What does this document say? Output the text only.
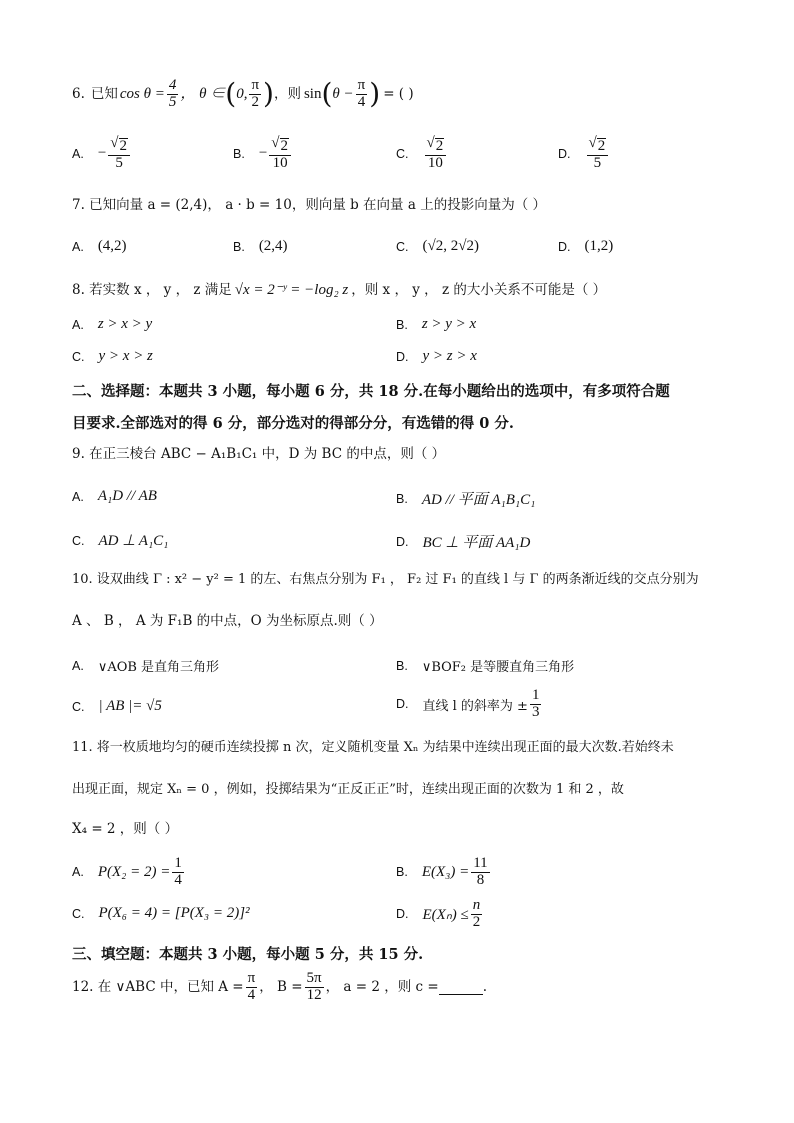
6. 已知 $\cos \theta = \frac{4}{5}$ ， θ ∈ ( 0, $\frac{\pi}{2}$ ) ，则 sin ( $\theta - \frac{\pi}{4}$ ) = ( )
A. − $\frac{√ 2}{5}$	B. − $\frac{√ 2}{10}$	C. $\frac{√ 2}{10}$	D. $\frac{√ 2}{5}$
7. 已知向量 a = (2,4)， a · b = 10，则向量 b 在向量 a 上的投影向量为（ ）
A. (4,2)	B. (2,4)	C. (√2, 2√2)	D. (1,2)
8. 若实数 x ， y ， z 满足 √x = 2⁻ʸ = −log₂ z ，则 x ， y ， z 的大小关系不可能是（ ）
A. z > x > y	B. z > y > x
C. y > x > z	D. y > z > x
二、选择题：本题共 3 小题，每小题 6 分，共 18 分.在每小题给出的选项中，有多项符合题
目要求.全部选对的得 6 分，部分选对的得部分分，有选错的得 0 分.
9. 在正三棱台 ABC − A₁B₁C₁ 中，D 为 BC 的中点，则（ ）
A. A₁D // AB	B. AD // 平面 A₁B₁C₁
C. AD ⊥ A₁C₁	D. BC ⊥ 平面 AA₁D
10. 设双曲线 Γ : x² − y² = 1 的左、右焦点分别为 F₁ ， F₂ 过 F₁ 的直线 l 与 Γ 的两条渐近线的交点分别为
A 、 B ， A 为 F₁B 的中点，O 为坐标原点.则（ ）
A. ∨AOB 是直角三角形	B. ∨BOF₂ 是等腰直角三角形
C. | AB |= √5	D. 直线 l 的斜率为 ± $\frac{1}{3}$
11. 将一枚质地均匀的硬币连续投掷 n 次，定义随机变量 Xₙ 为结果中连续出现正面的最大次数.若始终未
出现正面，规定 Xₙ = 0 ，例如，投掷结果为“正反正正”时，连续出现正面的次数为 1 和 2 ，故
X₄ = 2 ，则（ ）
A. $P(X_2 = 2) = \frac{1}{4}$	B. $E(X_3) = \frac{11}{8}$
C. P(X₆ = 4) = [P(X₃ = 2)]²	D. $E(X_n) \le \frac{n}{2}$
三、填空题：本题共 3 小题，每小题 5 分，共 15 分.
12. 在 ∨ABC 中，已知 $A = \frac{\pi}{4}$ ， $B = \frac{5\pi}{12}$ ， a = 2 ，则 c =	.
